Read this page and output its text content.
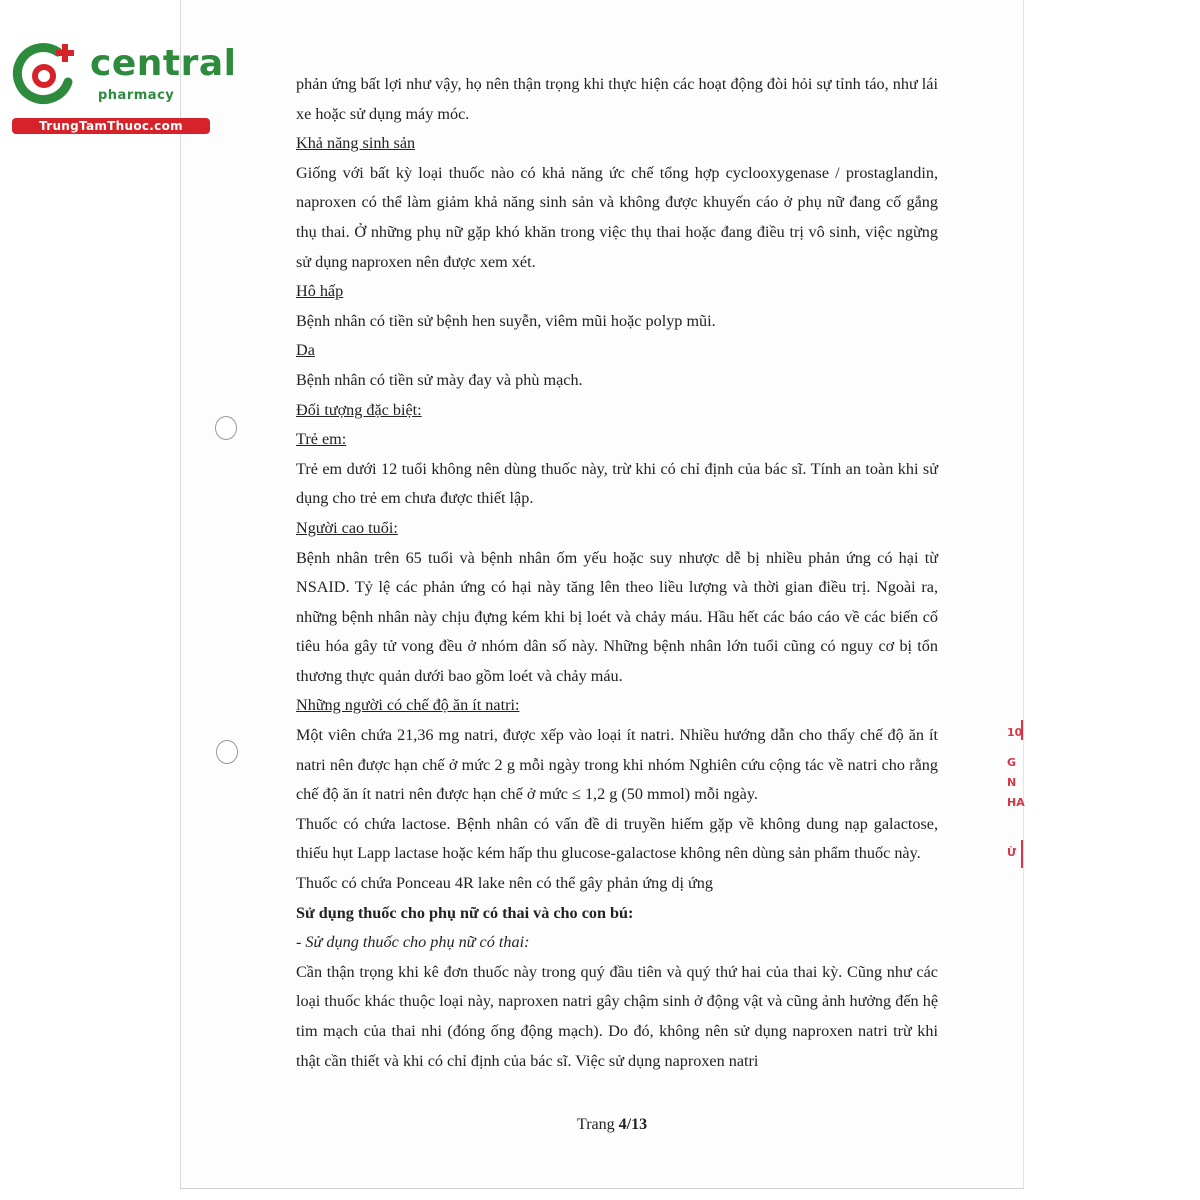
central
pharmacy
TrungTamThuoc.com

phản ứng bất lợi như vậy, họ nên thận trọng khi thực hiện các hoạt động đòi hỏi sự tỉnh táo, như lái xe hoặc sử dụng máy móc.

Khả năng sinh sản

Giống với bất kỳ loại thuốc nào có khả năng ức chế tổng hợp cyclooxygenase / prostaglandin, naproxen có thể làm giảm khả năng sinh sản và không được khuyến cáo ở phụ nữ đang cố gắng thụ thai. Ở những phụ nữ gặp khó khăn trong việc thụ thai hoặc đang điều trị vô sinh, việc ngừng sử dụng naproxen nên được xem xét.

Hô hấp

Bệnh nhân có tiền sử bệnh hen suyễn, viêm mũi hoặc polyp mũi.

Da

Bệnh nhân có tiền sử mày đay và phù mạch.

Đối tượng đặc biệt:

Trẻ em:

Trẻ em dưới 12 tuổi không nên dùng thuốc này, trừ khi có chỉ định của bác sĩ. Tính an toàn khi sử dụng cho trẻ em chưa được thiết lập.

Người cao tuổi:

Bệnh nhân trên 65 tuổi và bệnh nhân ốm yếu hoặc suy nhược dễ bị nhiều phản ứng có hại từ NSAID. Tỷ lệ các phản ứng có hại này tăng lên theo liều lượng và thời gian điều trị. Ngoài ra, những bệnh nhân này chịu đựng kém khi bị loét và chảy máu. Hầu hết các báo cáo về các biến cố tiêu hóa gây tử vong đều ở nhóm dân số này. Những bệnh nhân lớn tuổi cũng có nguy cơ bị tổn thương thực quản dưới bao gồm loét và chảy máu.

Những người có chế độ ăn ít natri:

Một viên chứa 21,36 mg natri, được xếp vào loại ít natri. Nhiều hướng dẫn cho thấy chế độ ăn ít natri nên được hạn chế ở mức 2 g mỗi ngày trong khi nhóm Nghiên cứu cộng tác về natri cho rằng chế độ ăn ít natri nên được hạn chế ở mức ≤ 1,2 g (50 mmol) mỗi ngày.

Thuốc có chứa lactose. Bệnh nhân có vấn đề di truyền hiếm gặp về không dung nạp galactose, thiếu hụt Lapp lactase hoặc kém hấp thu glucose-galactose không nên dùng sản phẩm thuốc này.

Thuốc có chứa Ponceau 4R lake nên có thể gây phản ứng dị ứng

Sử dụng thuốc cho phụ nữ có thai và cho con bú:

- Sử dụng thuốc cho phụ nữ có thai:

Cần thận trọng khi kê đơn thuốc này trong quý đầu tiên và quý thứ hai của thai kỳ. Cũng như các loại thuốc khác thuộc loại này, naproxen natri gây chậm sinh ở động vật và cũng ảnh hưởng đến hệ tim mạch của thai nhi (đóng ống động mạch). Do đó, không nên sử dụng naproxen natri trừ khi thật cần thiết và khi có chỉ định của bác sĩ. Việc sử dụng naproxen natri

Trang 4/13
10
G
N
HA
Ừ
